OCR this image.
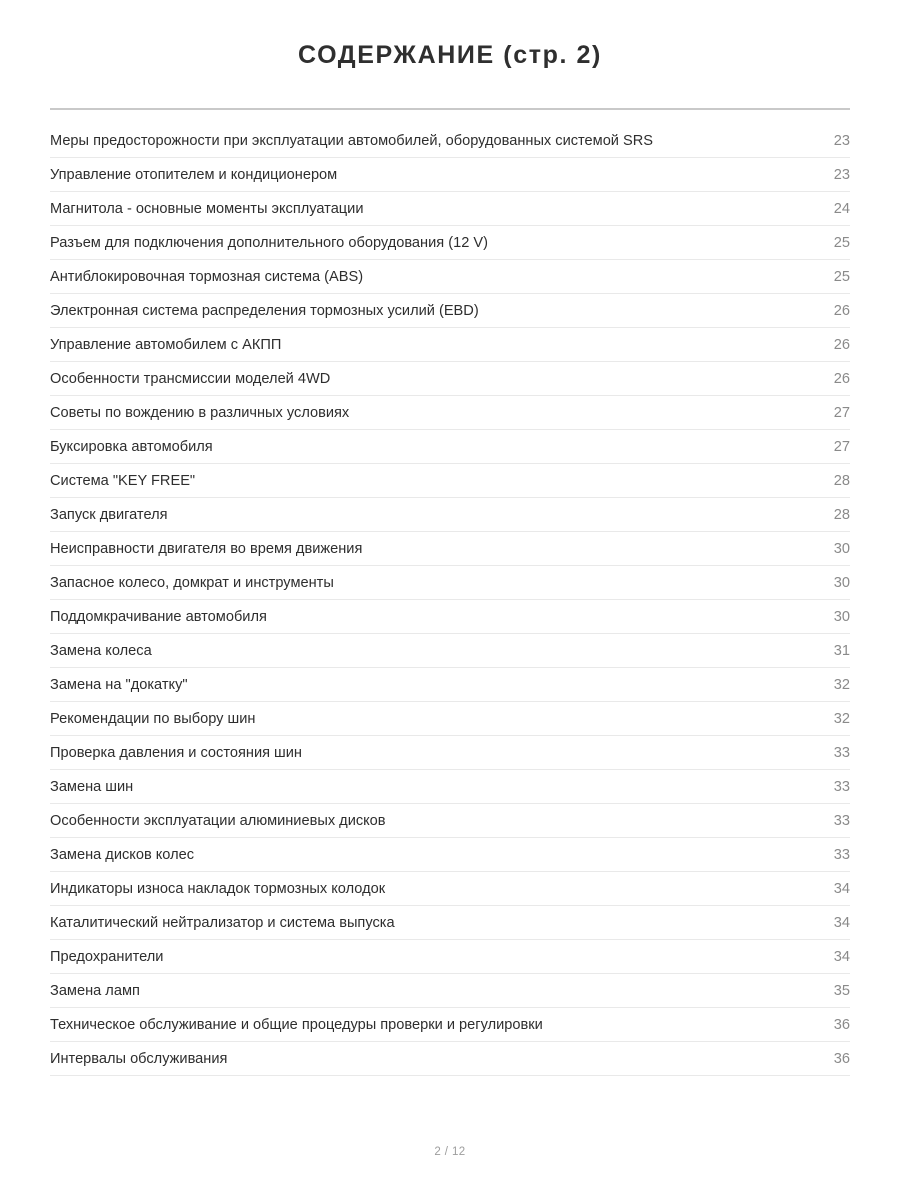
СОДЕРЖАНИЕ (стр. 2)
Меры предосторожности при эксплуатации автомобилей, оборудованных системой SRS	23
Управление отопителем и кондиционером	23
Магнитола - основные моменты эксплуатации	24
Разъем для подключения дополнительного оборудования (12 V)	25
Антиблокировочная тормозная система (ABS)	25
Электронная система распределения тормозных усилий (EBD)	26
Управление автомобилем с АКПП	26
Особенности трансмиссии моделей 4WD	26
Советы по вождению в различных условиях	27
Буксировка автомобиля	27
Система "KEY FREE"	28
Запуск двигателя	28
Неисправности двигателя во время движения	30
Запасное колесо, домкрат и инструменты	30
Поддомкрачивание автомобиля	30
Замена колеса	31
Замена на "докатку"	32
Рекомендации по выбору шин	32
Проверка давления и состояния шин	33
Замена шин	33
Особенности эксплуатации алюминиевых дисков	33
Замена дисков колес	33
Индикаторы износа накладок тормозных колодок	34
Каталитический нейтрализатор и система выпуска	34
Предохранители	34
Замена ламп	35
Техническое обслуживание и общие процедуры проверки и регулировки	36
Интервалы обслуживания	36
2 / 12
